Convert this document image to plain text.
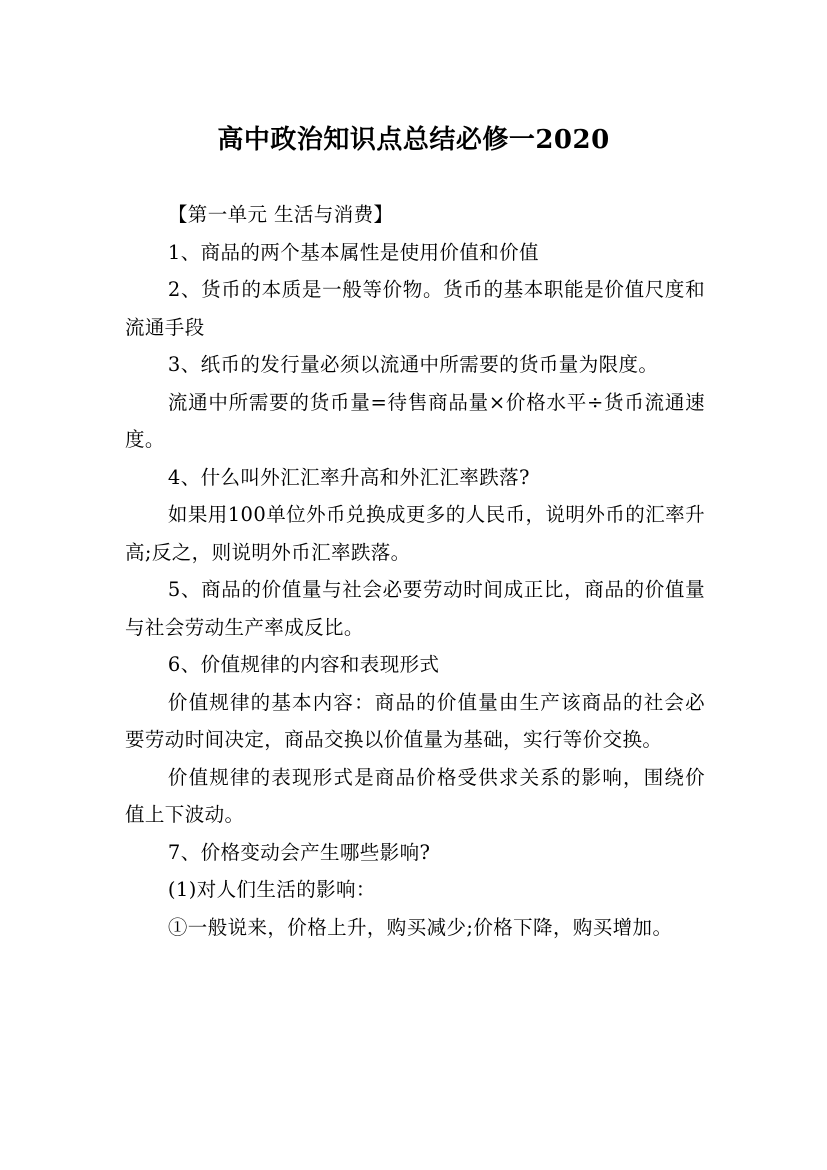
高中政治知识点总结必修一2020

【第一单元 生活与消费】

1、商品的两个基本属性是使用价值和价值

2、货币的本质是一般等价物。货币的基本职能是价值尺度和流通手段

3、纸币的发行量必须以流通中所需要的货币量为限度。

流通中所需要的货币量=待售商品量×价格水平÷货币流通速度。

4、什么叫外汇汇率升高和外汇汇率跌落?

如果用100单位外币兑换成更多的人民币，说明外币的汇率升高;反之，则说明外币汇率跌落。

5、商品的价值量与社会必要劳动时间成正比，商品的价值量与社会劳动生产率成反比。

6、价值规律的内容和表现形式

价值规律的基本内容：商品的价值量由生产该商品的社会必要劳动时间决定，商品交换以价值量为基础，实行等价交换。

价值规律的表现形式是商品价格受供求关系的影响，围绕价值上下波动。

7、价格变动会产生哪些影响?

(1)对人们生活的影响：

①一般说来，价格上升，购买减少;价格下降，购买增加。
